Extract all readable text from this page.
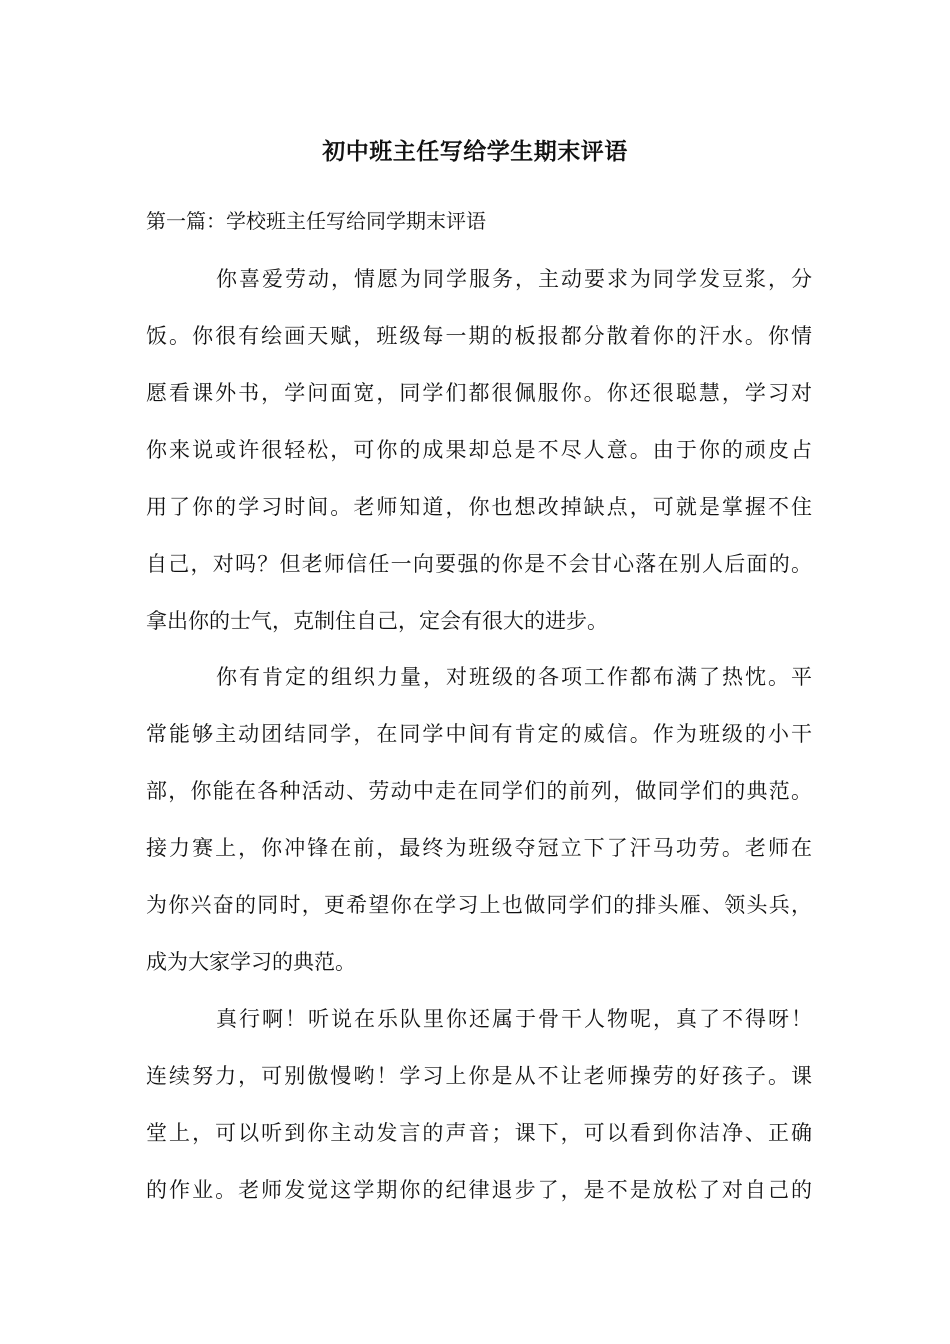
初中班主任写给学生期末评语
第一篇：学校班主任写给同学期末评语
你喜爱劳动，情愿为同学服务，主动要求为同学发豆浆，分
饭。你很有绘画天赋，班级每一期的板报都分散着你的汗水。你情
愿看课外书，学问面宽，同学们都很佩服你。你还很聪慧，学习对
你来说或许很轻松，可你的成果却总是不尽人意。由于你的顽皮占
用了你的学习时间。老师知道，你也想改掉缺点，可就是掌握不住
自己，对吗？但老师信任一向要强的你是不会甘心落在别人后面的。
拿出你的士气，克制住自己，定会有很大的进步。
你有肯定的组织力量，对班级的各项工作都布满了热忱。平
常能够主动团结同学，在同学中间有肯定的威信。作为班级的小干
部，你能在各种活动、劳动中走在同学们的前列，做同学们的典范。
接力赛上，你冲锋在前，最终为班级夺冠立下了汗马功劳。老师在
为你兴奋的同时，更希望你在学习上也做同学们的排头雁、领头兵，
成为大家学习的典范。
真行啊！听说在乐队里你还属于骨干人物呢，真了不得呀！
连续努力，可别傲慢哟！学习上你是从不让老师操劳的好孩子。课
堂上，可以听到你主动发言的声音；课下，可以看到你洁净、正确
的作业。老师发觉这学期你的纪律退步了，是不是放松了对自己的
